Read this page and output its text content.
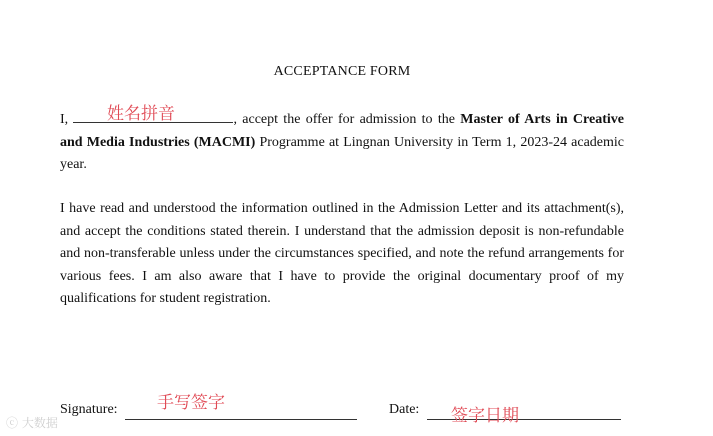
ACCEPTANCE FORM
I,	, accept the offer for admission to the Master of Arts in Creative and Media Industries (MACMI) Programme at Lingnan University in Term 1, 2023-24 academic year.
I have read and understood the information outlined in the Admission Letter and its attachment(s), and accept the conditions stated therein. I understand that the admission deposit is non-refundable and non-transferable unless under the circumstances specified, and note the refund arrangements for various fees. I am also aware that I have to provide the original documentary proof of my qualifications for student registration.
姓名拼音
Signature: 手写签字	Date: 签字日期
ⓒ 大数据
